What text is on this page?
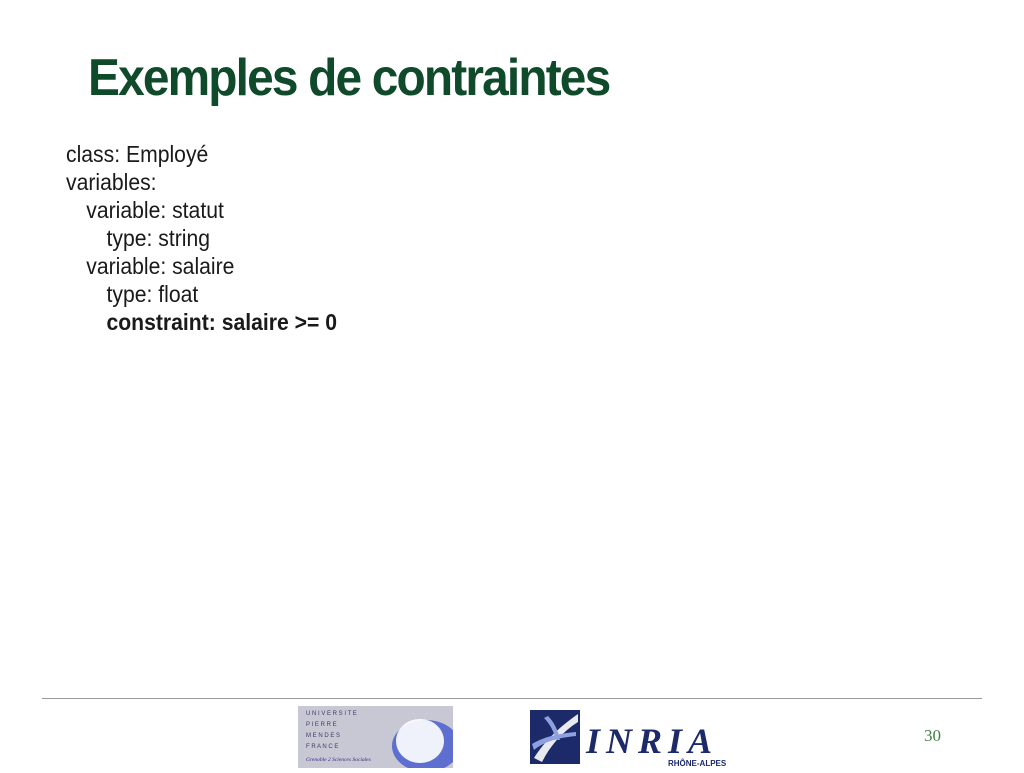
Exemples de contraintes
class: Employé
variables:
variable: statut
type: string
variable: salaire
type: float
constraint: salaire >= 0
U N I V E R S I T E
P I E R R E
M E N D E S
F R A N C E
Grenoble 2 Sciences Sociales	INRIA
RHÔNE-ALPES
30
